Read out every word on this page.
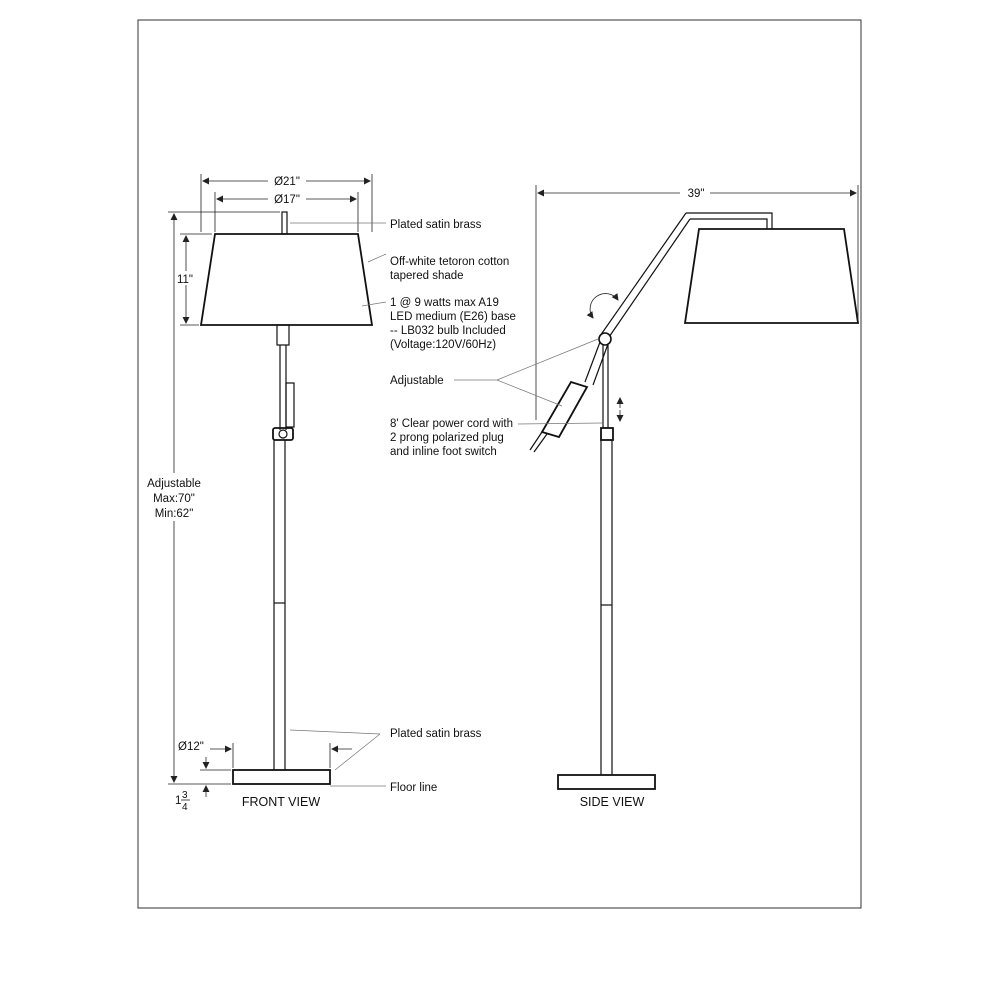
Ø21"
Ø17"
11"
Adjustable
Max:70"
Min:62"
Ø12"
1 3
4	FRONT VIEW
39"
SIDE VIEW
Plated satin brass
Off-white tetoron cotton
tapered shade
1 @ 9 watts max A19
LED medium (E26) base
-- LB032 bulb Included
(Voltage:120V/60Hz)
Adjustable
8' Clear power cord with
2 prong polarized plug
and inline foot switch
Plated satin brass
Floor line
